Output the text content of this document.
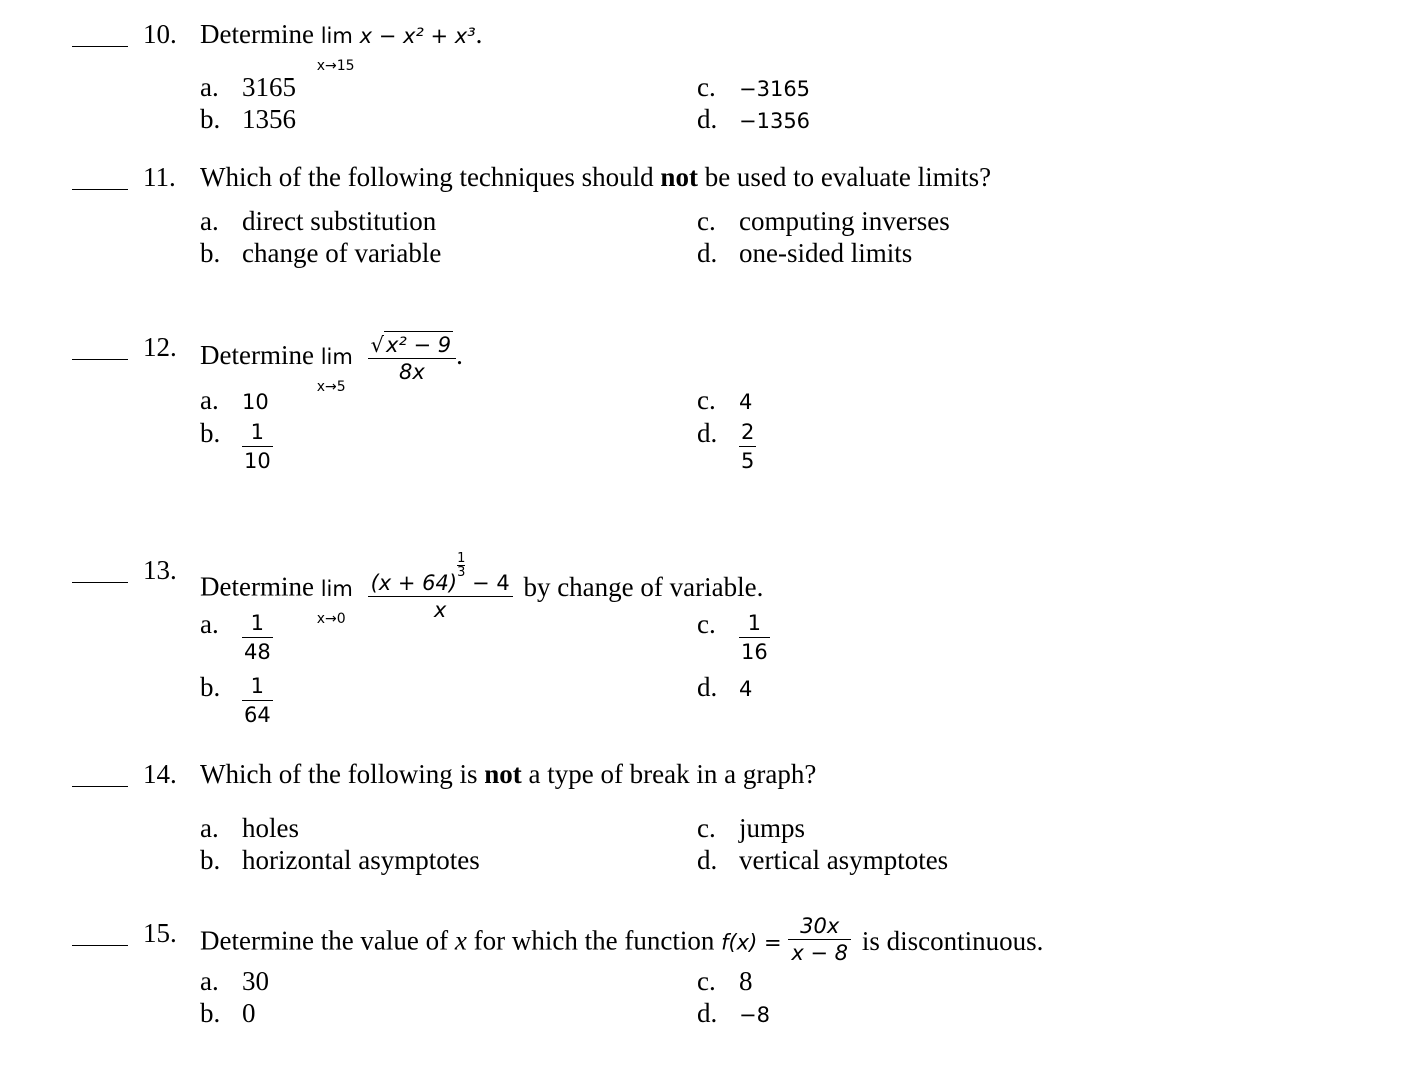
10. Determine lim
x→15
x − x² + x³.
a. 3165
b. 1356
c. −3165
d. −1356
11. Which of the following techniques should not be used to evaluate limits?
a. direct substitution
b. change of variable
c. computing inverses
d. one-sided limits
12. Determine lim
x→5

$\frac{\text{√x² − 9}}{8x}$ .
a. 10
b. $\frac{1}{10}$
c. 4
d. $\frac{2}{5}$
13.
Determine lim
x→0
(x + 64)
$\frac{1}{3}$
− 4
x by change of variable.
a. $\frac{1}{48}$
b. $\frac{1}{64}$
c. $\frac{1}{16}$
d. 4
14. Which of the following is not a type of break in a graph?
a. holes
b. horizontal asymptotes
c. jumps
d. vertical asymptotes
15. Determine the value of x for which the function $f(x) = \frac{30x}{x - 8}$ is discontinuous.
a. 30
b. 0
c. 8
d. −8
